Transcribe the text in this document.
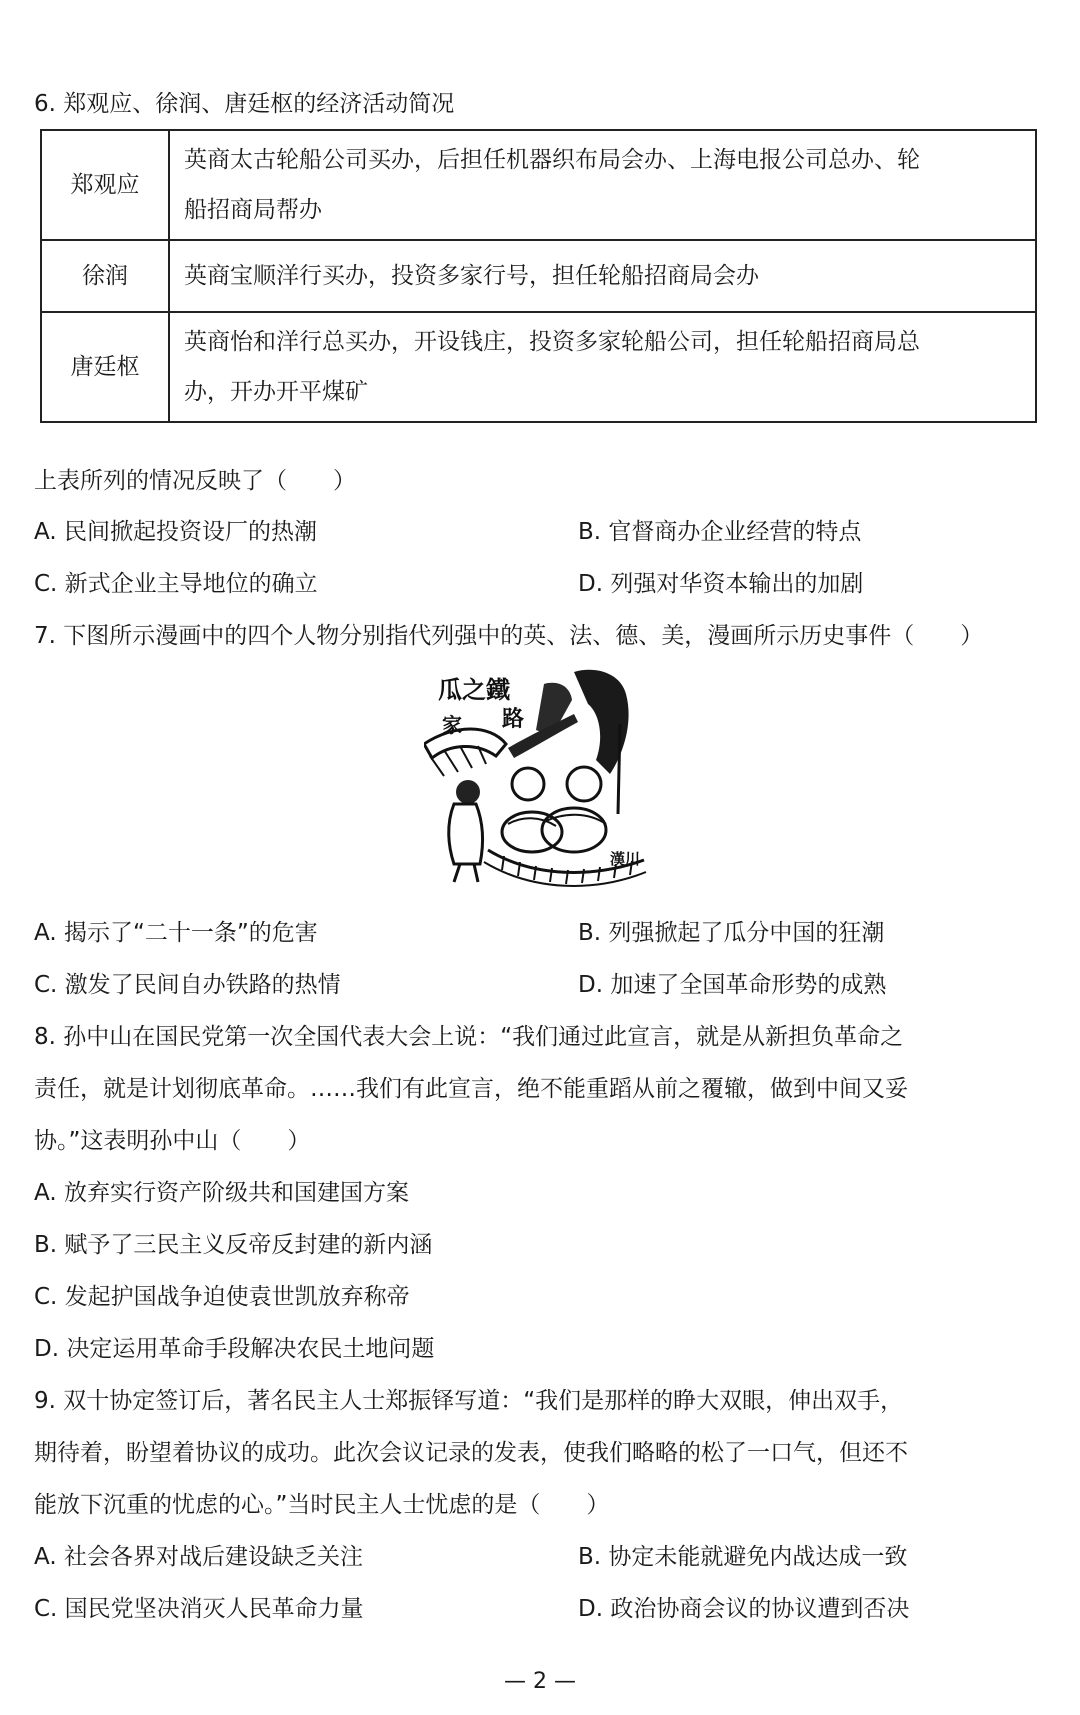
6. 郑观应、徐润、唐廷枢的经济活动简况
郑观应	英商太古轮船公司买办，后担任机器织布局会办、上海电报公司总办、轮
船招商局帮办

徐润	英商宝顺洋行买办，投资多家行号，担任轮船招商局会办

唐廷枢	英商怡和洋行总买办，开设钱庄，投资多家轮船公司，担任轮船招商局总
办，开办开平煤矿
上表所列的情况反映了（　　）
A. 民间掀起投资设厂的热潮	B. 官督商办企业经营的特点
C. 新式企业主导地位的确立	D. 列强对华资本输出的加剧
7. 下图所示漫画中的四个人物分别指代列强中的英、法、德、美，漫画所示历史事件（　　）
瓜之鐵
路
家
漢川
A. 揭示了“二十一条”的危害	B. 列强掀起了瓜分中国的狂潮
C. 激发了民间自办铁路的热情	D. 加速了全国革命形势的成熟
8. 孙中山在国民党第一次全国代表大会上说：“我们通过此宣言，就是从新担负革命之
责任，就是计划彻底革命。……我们有此宣言，绝不能重蹈从前之覆辙，做到中间又妥
协。”这表明孙中山（　　）
A. 放弃实行资产阶级共和国建国方案
B. 赋予了三民主义反帝反封建的新内涵
C. 发起护国战争迫使袁世凯放弃称帝
D. 决定运用革命手段解决农民土地问题
9. 双十协定签订后，著名民主人士郑振铎写道：“我们是那样的睁大双眼，伸出双手，
期待着，盼望着协议的成功。此次会议记录的发表，使我们略略的松了一口气，但还不
能放下沉重的忧虑的心。”当时民主人士忧虑的是（　　）
A. 社会各界对战后建设缺乏关注	B. 协定未能就避免内战达成一致
C. 国民党坚决消灭人民革命力量	D. 政治协商会议的协议遭到否决
— 2 —
